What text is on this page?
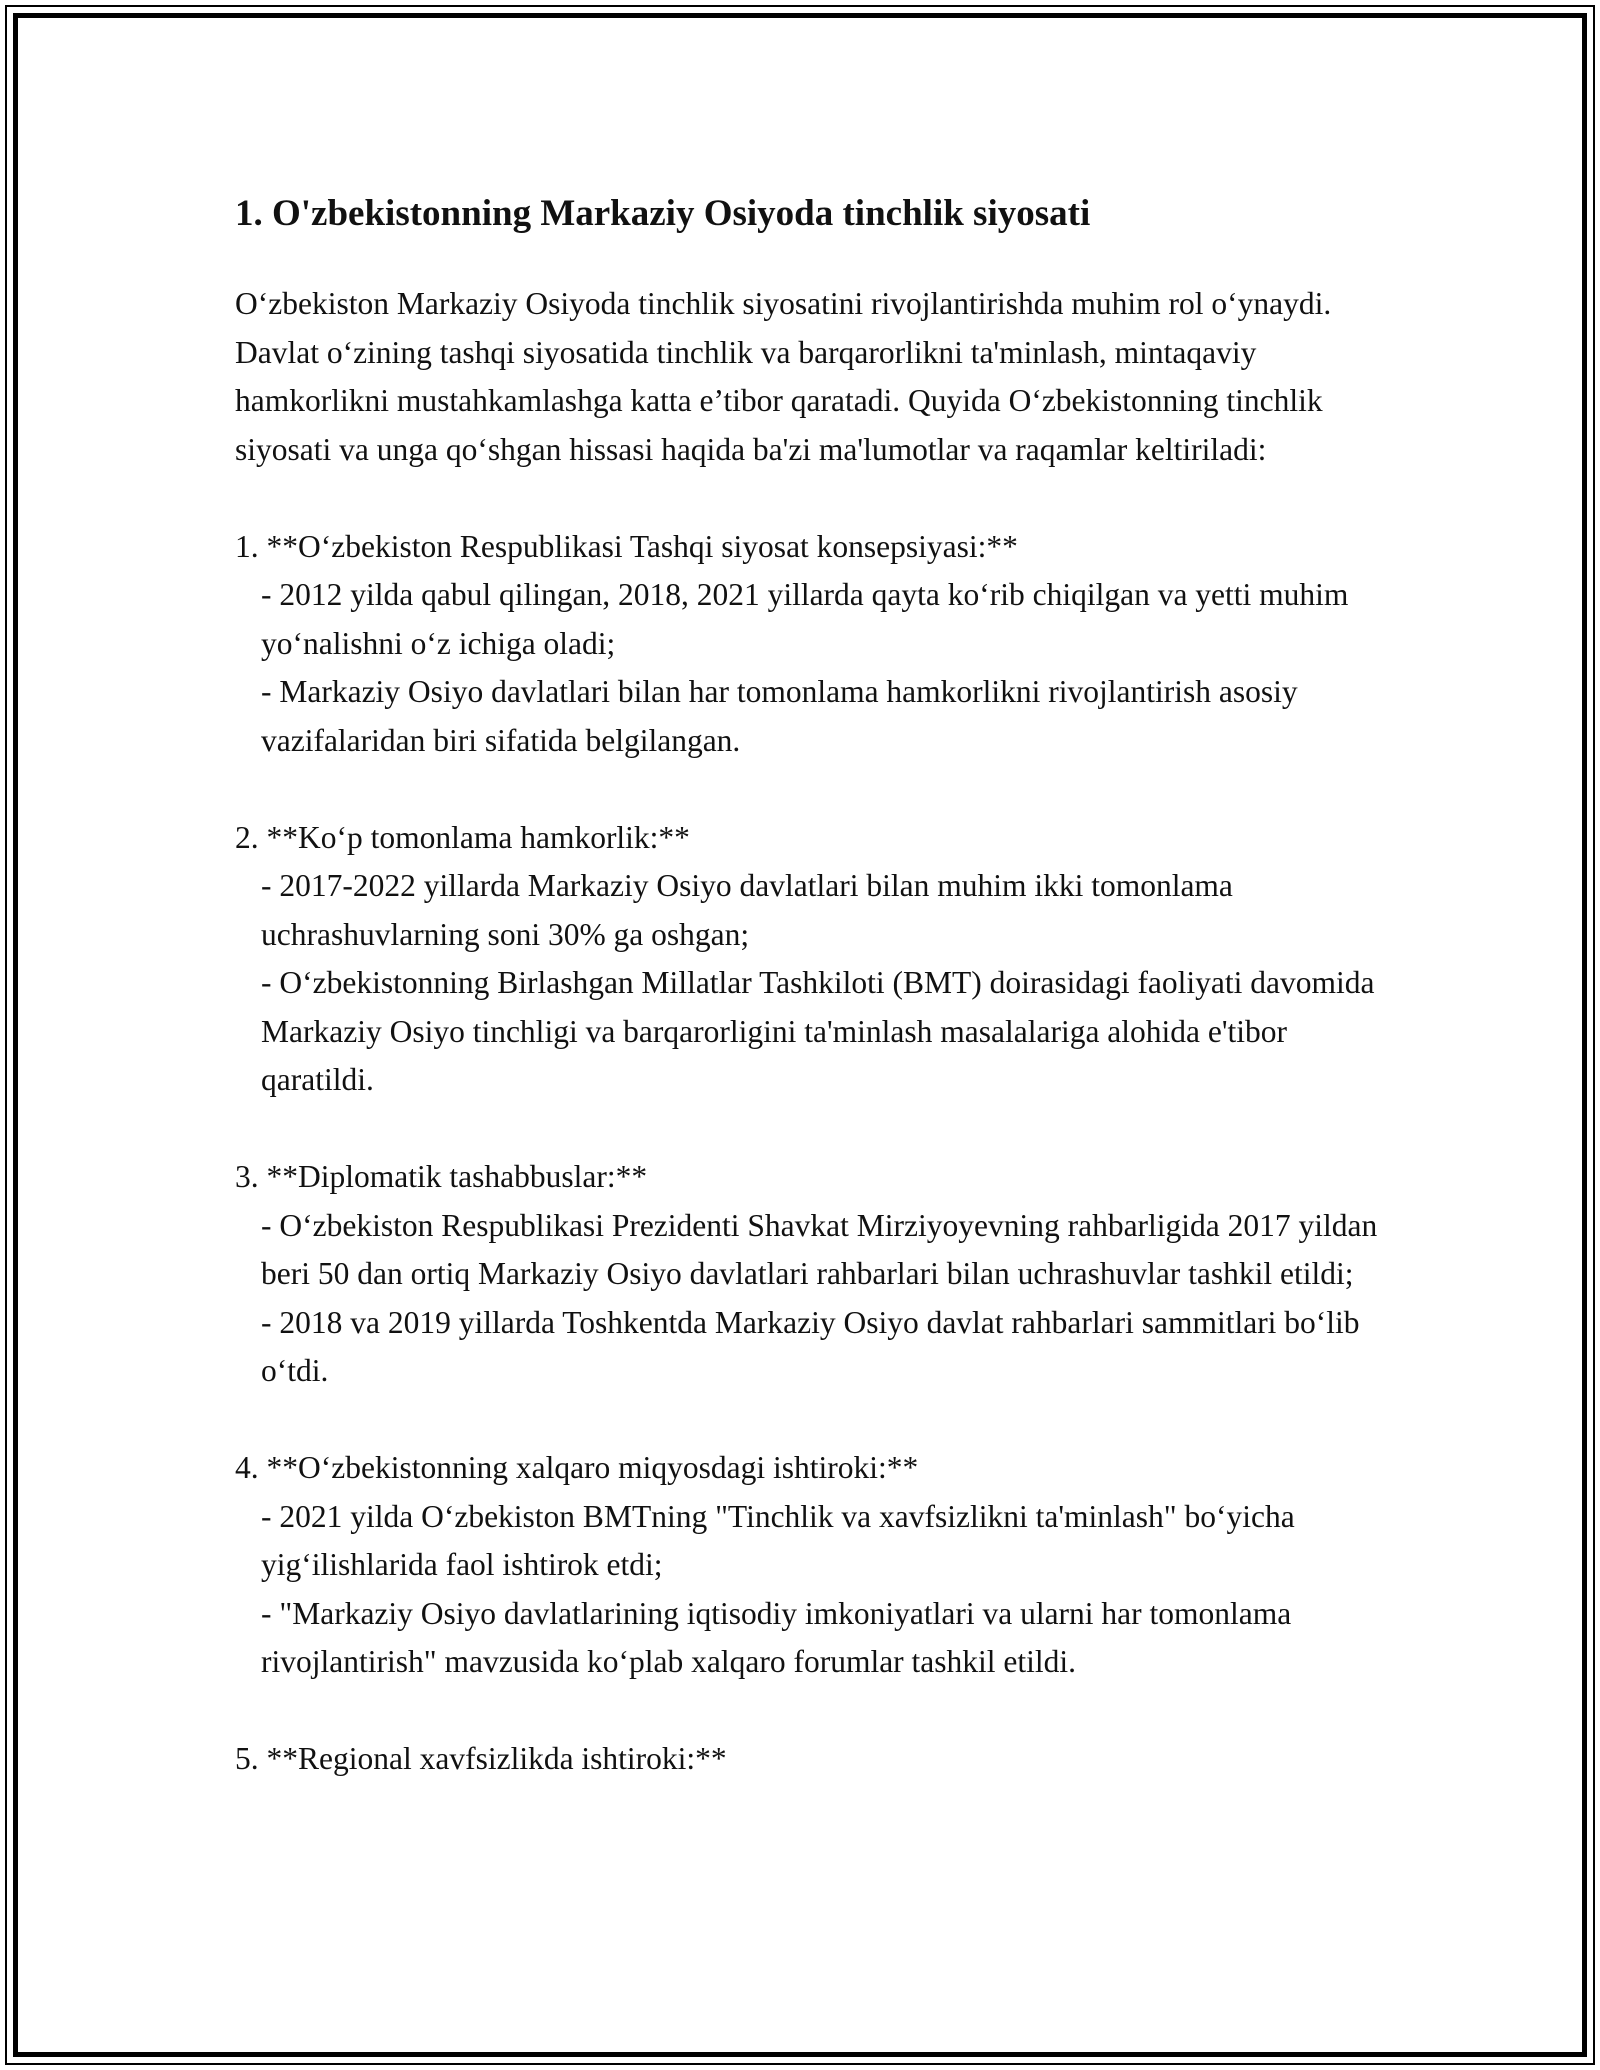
1. O'zbekistonning Markaziy Osiyoda tinchlik siyosati

O‘zbekiston Markaziy Osiyoda tinchlik siyosatini rivojlantirishda muhim rol o‘ynaydi. Davlat o‘zining tashqi siyosatida tinchlik va barqarorlikni ta'minlash, mintaqaviy hamkorlikni mustahkamlashga katta e’tibor qaratadi. Quyida O‘zbekistonning tinchlik siyosati va unga qo‘shgan hissasi haqida ba'zi ma'lumotlar va raqamlar keltiriladi:

1. **O‘zbekiston Respublikasi Tashqi siyosat konsepsiyasi:**
- 2012 yilda qabul qilingan, 2018, 2021 yillarda qayta ko‘rib chiqilgan va yetti muhim yo‘nalishni o‘z ichiga oladi;
- Markaziy Osiyo davlatlari bilan har tomonlama hamkorlikni rivojlantirish asosiy vazifalaridan biri sifatida belgilangan.
2. **Ko‘p tomonlama hamkorlik:**
- 2017-2022 yillarda Markaziy Osiyo davlatlari bilan muhim ikki tomonlama uchrashuvlarning soni 30% ga oshgan;
- O‘zbekistonning Birlashgan Millatlar Tashkiloti (BMT) doirasidagi faoliyati davomida Markaziy Osiyo tinchligi va barqarorligini ta'minlash masalalariga alohida e'tibor qaratildi.
3. **Diplomatik tashabbuslar:**
- O‘zbekiston Respublikasi Prezidenti Shavkat Mirziyoyevning rahbarligida 2017 yildan beri 50 dan ortiq Markaziy Osiyo davlatlari rahbarlari bilan uchrashuvlar tashkil etildi;
- 2018 va 2019 yillarda Toshkentda Markaziy Osiyo davlat rahbarlari sammitlari bo‘lib o‘tdi.
4. **O‘zbekistonning xalqaro miqyosdagi ishtiroki:**
- 2021 yilda O‘zbekiston BMTning "Tinchlik va xavfsizlikni ta'minlash" bo‘yicha yig‘ilishlarida faol ishtirok etdi;
- "Markaziy Osiyo davlatlarining iqtisodiy imkoniyatlari va ularni har tomonlama rivojlantirish" mavzusida ko‘plab xalqaro forumlar tashkil etildi.
5. **Regional xavfsizlikda ishtiroki:**
